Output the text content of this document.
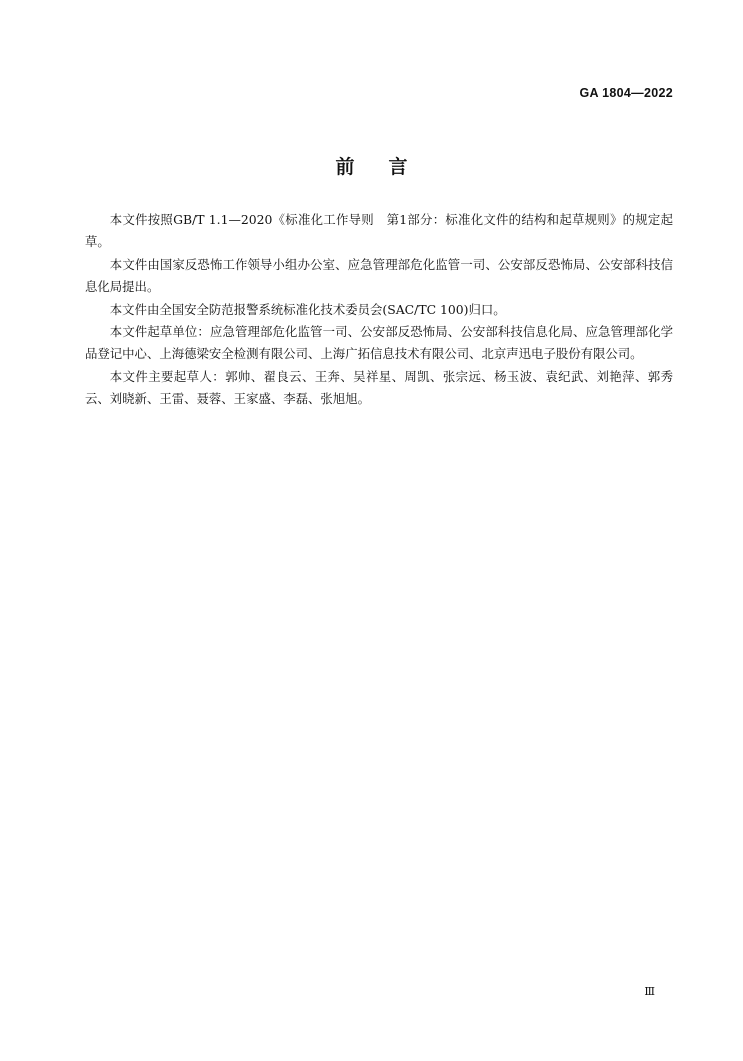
GA 1804—2022
前 言

本文件按照GB/T 1.1—2020《标准化工作导则　第1部分：标准化文件的结构和起草规则》的规定起草。

本文件由国家反恐怖工作领导小组办公室、应急管理部危化监管一司、公安部反恐怖局、公安部科技信息化局提出。

本文件由全国安全防范报警系统标准化技术委员会(SAC/TC 100)归口。

本文件起草单位：应急管理部危化监管一司、公安部反恐怖局、公安部科技信息化局、应急管理部化学品登记中心、上海德梁安全检测有限公司、上海广拓信息技术有限公司、北京声迅电子股份有限公司。

本文件主要起草人：郭帅、翟良云、王奔、吴祥星、周凯、张宗远、杨玉波、袁纪武、刘艳萍、郭秀云、刘晓新、王雷、聂蓉、王家盛、李磊、张旭旭。

Ⅲ
